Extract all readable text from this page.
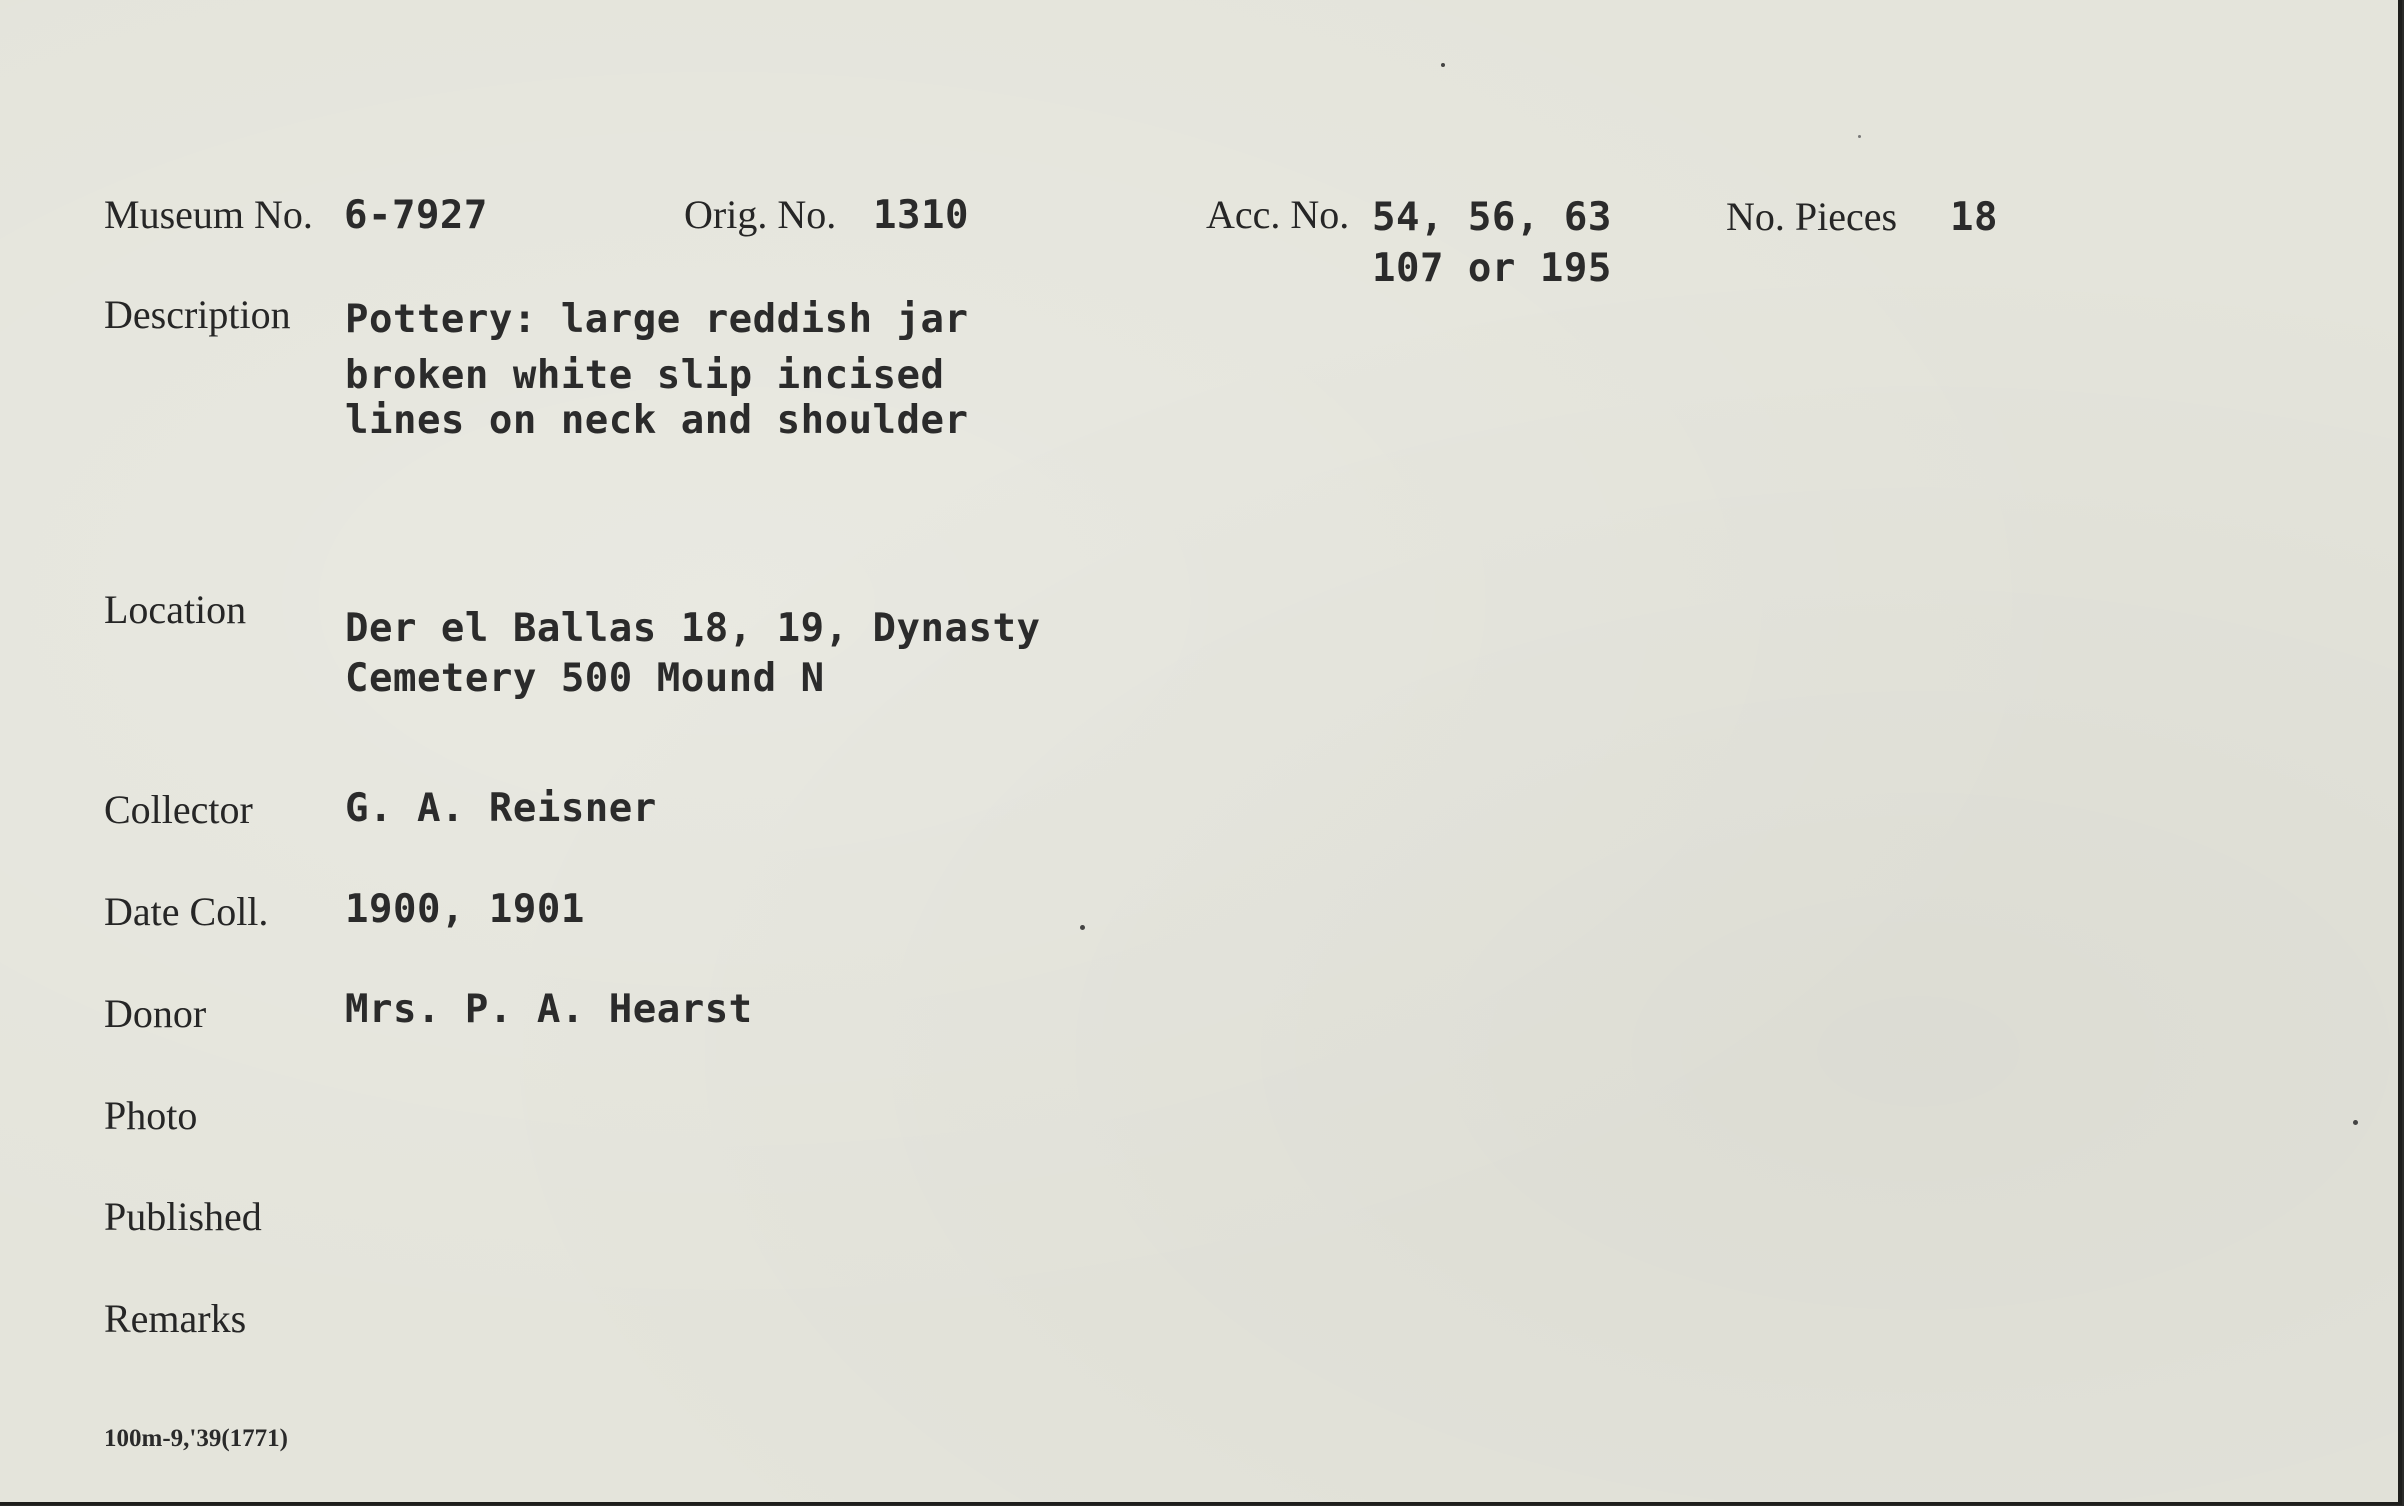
Museum No. 6-7927	Orig. No. 1310	Acc. No. 54, 56, 63
107 or 195
No. Pieces 18
Description Pottery: large reddish jar
broken white slip incised
lines on neck and shoulder
Location	Der el Ballas 18, 19, Dynasty
Cemetery 500 Mound N
Collector G. A. Reisner
Date Coll. 1900, 1901
Donor	Mrs. P. A. Hearst
Photo
Published
Remarks
100m-9,'39(1771)
